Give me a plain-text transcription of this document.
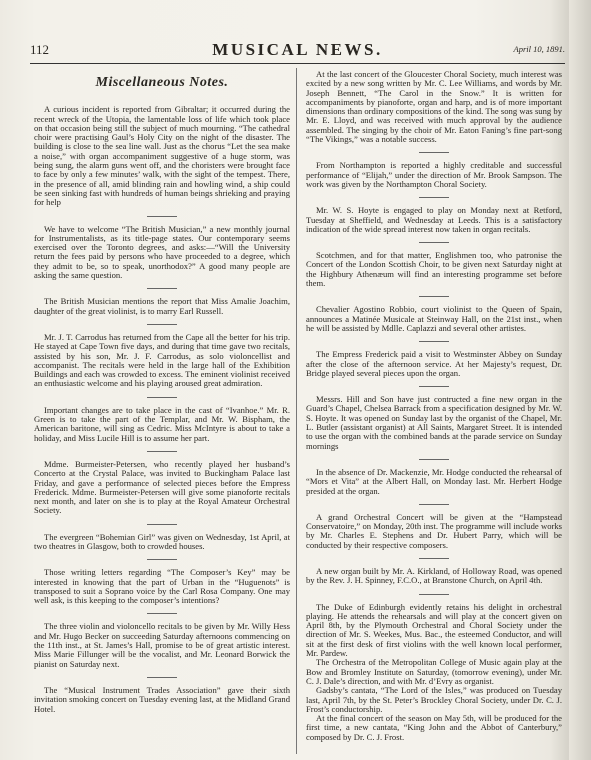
112	MUSICAL NEWS.	April 10, 1891.
Miscellaneous Notes.

A curious incident is reported from Gibraltar; it occurred during the recent wreck of the Utopia, the lamentable loss of life which took place on that occasion being still the subject of much mourning. “The cathedral choir were practising Gaul’s Holy City on the night of the disaster. The building is close to the sea line wall. Just as the chorus “Let the sea make a noise,” with organ accompaniment suggestive of a huge storm, was being sung, the alarm guns went off, and the choristers were brought face to face by only a few minutes’ walk, with the sight of the tempest. There, in the presence of all, amid blinding rain and howling wind, a ship could be seen sinking fast with hundreds of human beings shrieking and praying for help

We have to welcome “The British Musician,” a new monthly journal for Instrumentalists, as its title-page states. Our contemporary seems exercised over the Toronto degrees, and asks:—“Will the University return the fees paid by persons who have proceeded to a degree, which they admit to be, so to speak, unorthodox?” A good many people are asking the same question.

The British Musician mentions the report that Miss Amalie Joachim, daughter of the great violinist, is to marry Earl Russell.

Mr. J. T. Carrodus has returned from the Cape all the better for his trip. He stayed at Cape Town five days, and during that time gave two recitals, assisted by his son, Mr. J. F. Carrodus, as solo violoncellist and accompanist. The recitals were held in the large hall of the Exhibition Buildings and each was crowded to excess. The eminent violinist received an enthusiastic welcome and his playing aroused great admiration.

Important changes are to take place in the cast of “Ivanhoe.” Mr. R. Green is to take the part of the Templar, and Mr. W. Bispham, the American baritone, will sing as Cedric. Miss McIntyre is about to take a holiday, and Miss Lucile Hill is to assume her part.

Mdme. Burmeister-Petersen, who recently played her husband’s Concerto at the Crystal Palace, was invited to Buckingham Palace last Friday, and gave a performance of selected pieces before the Empress Frederick. Mdme. Burmeister-Petersen will give some pianoforte recitals next month, and later on she is to play at the Royal Amateur Orchestral Society.

The evergreen “Bohemian Girl” was given on Wednesday, 1st April, at two theatres in Glasgow, both to crowded houses.

Those writing letters regarding “The Composer’s Key” may be interested in knowing that the part of Urban in the “Huguenots” is transposed to suit a Soprano voice by the Carl Rosa Company. One may well ask, is this keeping to the composer’s intentions?

The three violin and violoncello recitals to be given by Mr. Willy Hess and Mr. Hugo Becker on succeeding Saturday afternoons commencing on the 11th inst., at St. James’s Hall, promise to be of great artistic interest. Miss Marie Fillunger will be the vocalist, and Mr. Leonard Borwick the pianist on Saturday next.

The “Musical Instrument Trades Association” gave their sixth invitation smoking concert on Tuesday evening last, at the Midland Grand Hotel.

At the last concert of the Gloucester Choral Society, much interest was excited by a new song written by Mr. C. Lee Williams, and words by Mr. Joseph Bennett, “The Carol in the Snow.” It is written for accompaniments by pianoforte, organ and harp, and is of more important dimensions than ordinary compositions of the kind. The song was sung by Mr. E. Lloyd, and was received with much approval by the audience assembled. The singing by the choir of Mr. Eaton Faning’s fine part-song “The Vikings,” was a notable success.

From Northampton is reported a highly creditable and successful performance of “Elijah,” under the direction of Mr. Brook Sampson. The work was given by the Northampton Choral Society.

Mr. W. S. Hoyte is engaged to play on Monday next at Retford, Tuesday at Sheffield, and Wednesday at Leeds. This is a satisfactory indication of the wide spread interest now taken in organ recitals.

Scotchmen, and for that matter, Englishmen too, who patronise the Concert of the London Scottish Choir, to be given next Saturday night at the Highbury Athenæum will find an interesting programme set before them.

Chevalier Agostino Robbio, court violinist to the Queen of Spain, announces a Matinée Musicale at Steinway Hall, on the 21st inst., when he will be assisted by Mdlle. Caplazzi and several other artistes.

The Empress Frederick paid a visit to Westminster Abbey on Sunday after the close of the afternoon service. At her Majesty’s request, Dr. Bridge played several pieces upon the organ.

Messrs. Hill and Son have just contructed a fine new organ in the Guard’s Chapel, Chelsea Barrack from a specification designed by Mr. W. S. Hoyte. It was opened on Sunday last by the organist of the Chapel, Mr. L. Butler (assistant organist) at All Saints, Margaret Street. It is intended to use the organ with the combined bands at the parade service on Sunday mornings

In the absence of Dr. Mackenzie, Mr. Hodge conducted the rehearsal of “Mors et Vita” at the Albert Hall, on Monday last. Mr. Herbert Hodge presided at the organ.

A grand Orchestral Concert will be given at the “Hampstead Conservatoire,” on Monday, 20th inst. The programme will include works by Mr. Charles E. Stephens and Dr. Hubert Parry, which will be conducted by their respective composers.

A new organ built by Mr. A. Kirkland, of Holloway Road, was opened by the Rev. J. H. Spinney, F.C.O., at Branstone Church, on April 4th.

The Duke of Edinburgh evidently retains his delight in orchestral playing. He attends the rehearsals and will play at the concert given on April 8th, by the Plymouth Orchestral and Choral Society under the direction of Mr. S. Weekes, Mus. Bac., the esteemed Conductor, and will sit at the first desk of first violins with the well known local performer, Mr. Pardew.

The Orchestra of the Metropolitan College of Music again play at the Bow and Bromley Institute on Saturday, (tomorrow evening), under Mr. C. J. Dale’s direction, and with Mr. d’Evry as organist.

Gadsby’s cantata, “The Lord of the Isles,” was produced on Tuesday last, April 7th, by the St. Peter’s Brockley Choral Society, under Dr. C. J. Frost’s conductorship.

At the final concert of the season on May 5th, will be produced for the first time, a new cantata, “King John and the Abbot of Canterbury,” composed by Dr. C. J. Frost.
